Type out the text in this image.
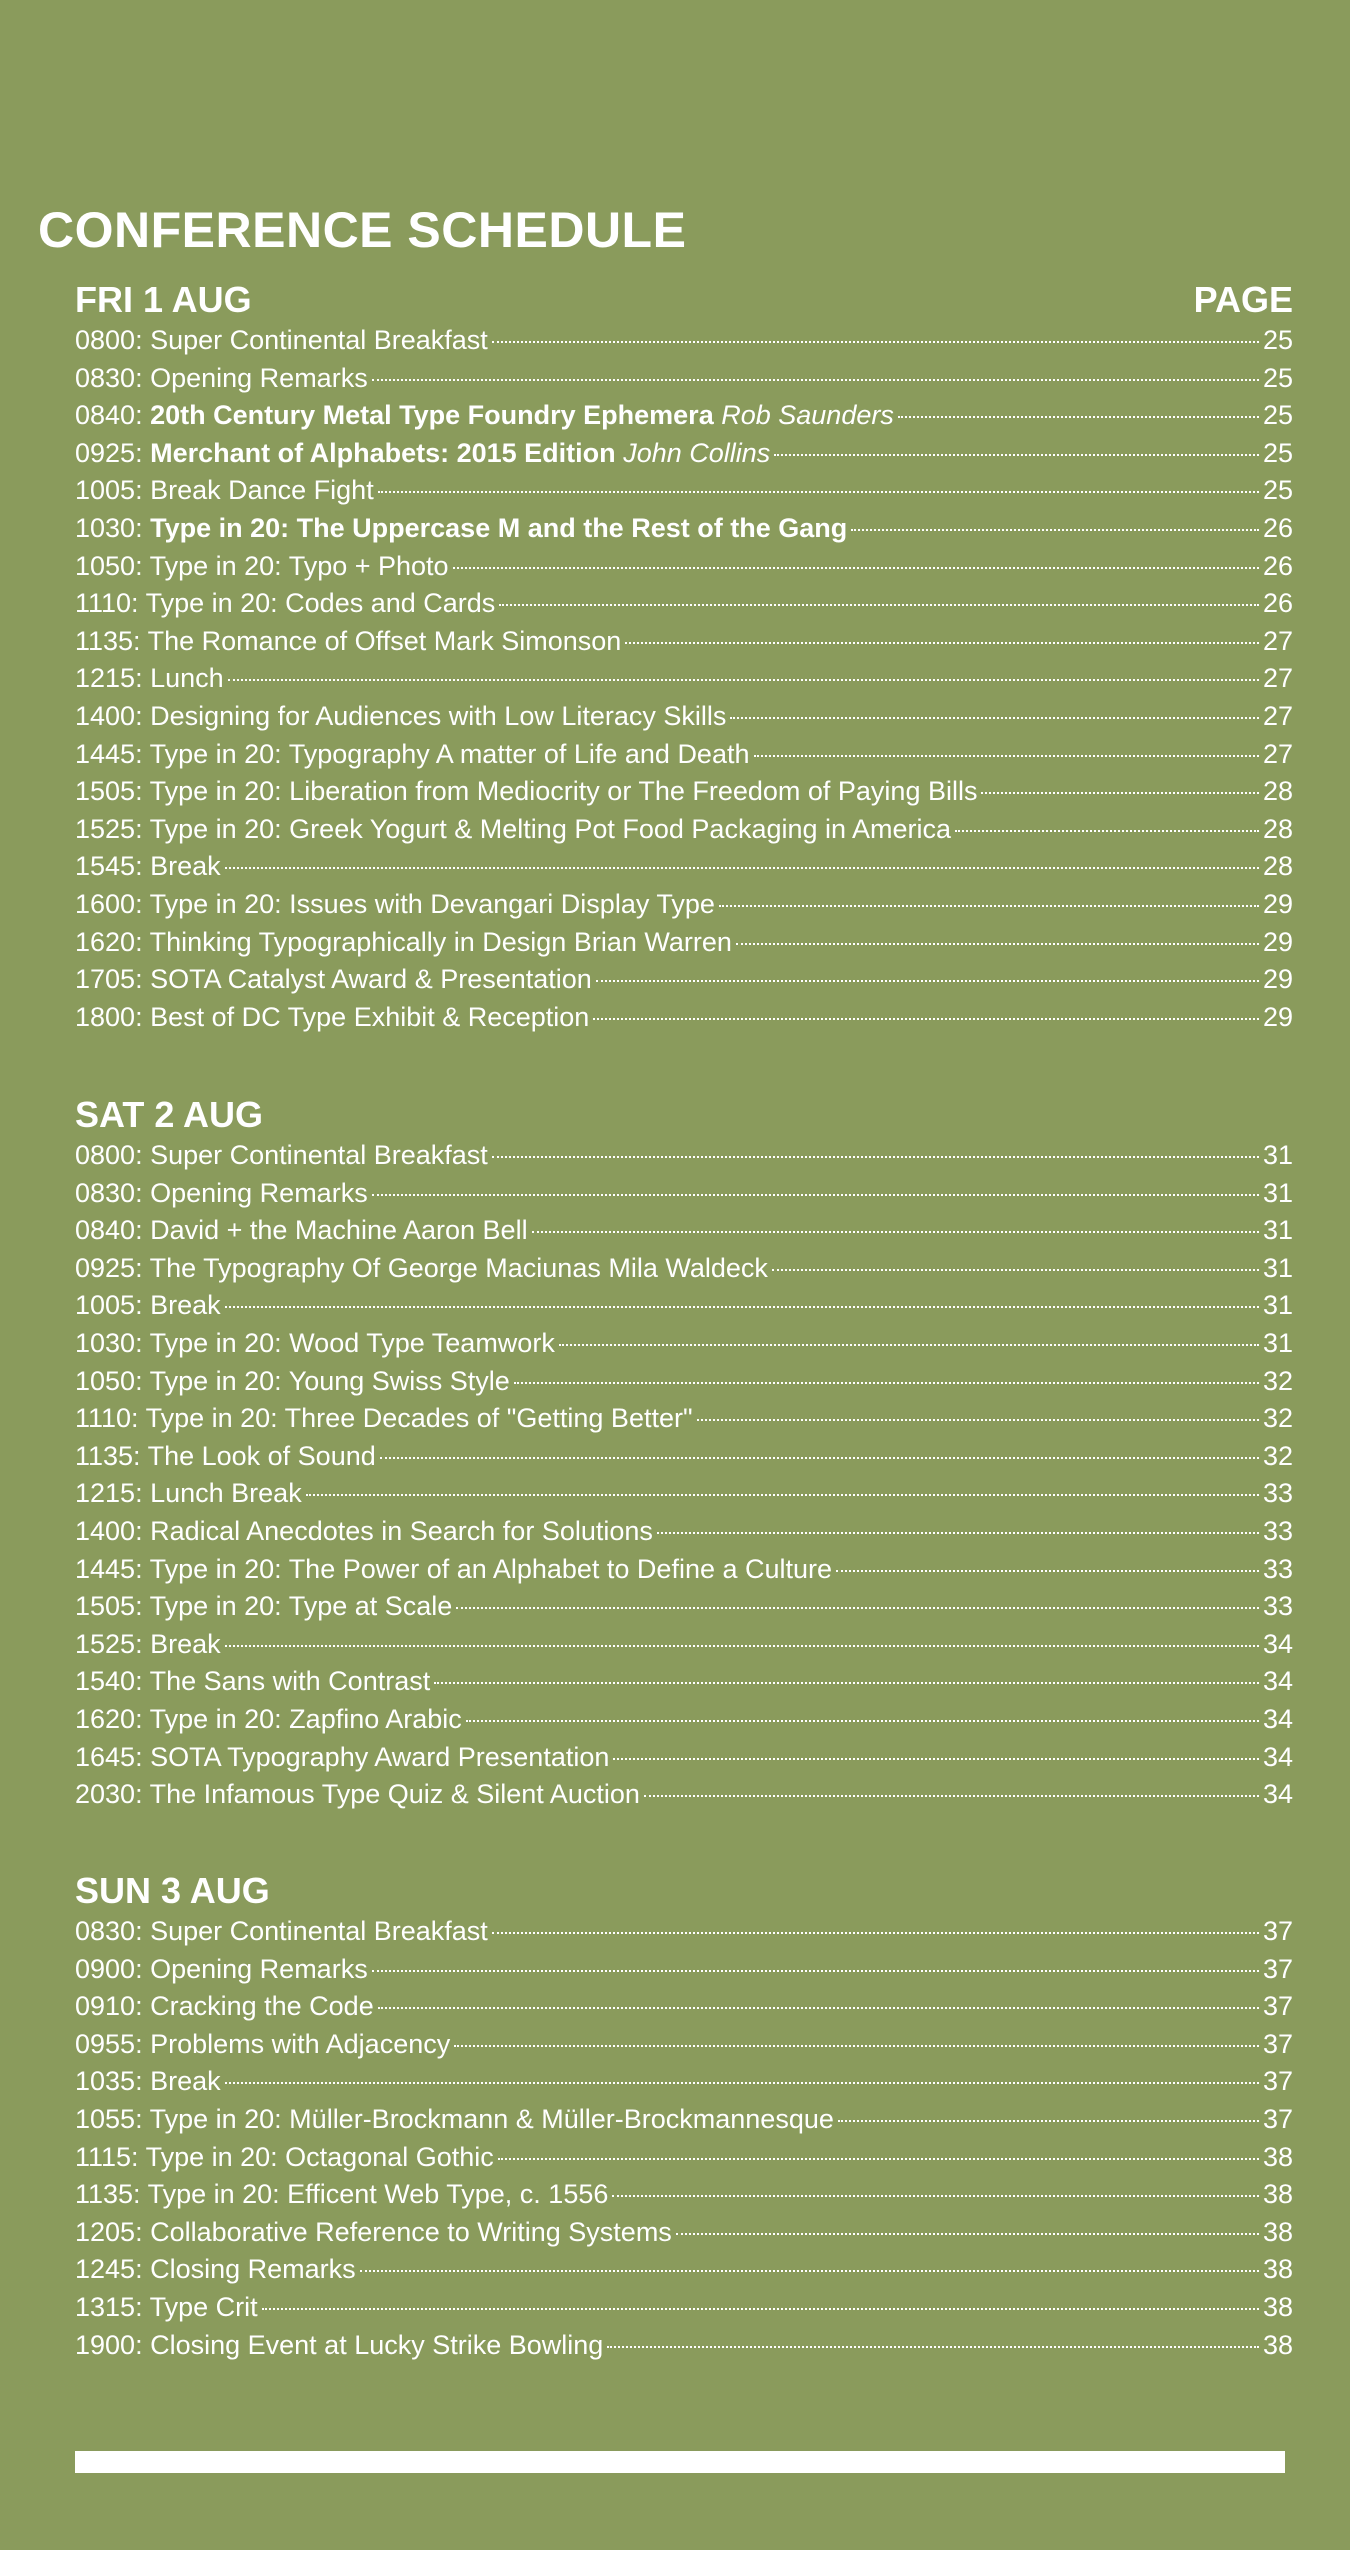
CONFERENCE SCHEDULE
FRI 1 AUG	PAGE
0800: Super Continental Breakfast	25
0830: Opening Remarks	25
0840: 20th Century Metal Type Foundry Ephemera Rob Saunders	25
0925: Merchant of Alphabets: 2015 Edition John Collins	25
1005: Break Dance Fight	25
1030: Type in 20: The Uppercase M and the Rest of the Gang	26
1050: Type in 20: Typo + Photo	26
1110: Type in 20: Codes and Cards	26
1135: The Romance of Offset Mark Simonson	27
1215: Lunch	27
1400: Designing for Audiences with Low Literacy Skills	27
1445: Type in 20: Typography A matter of Life and Death	27
1505: Type in 20: Liberation from Mediocrity or The Freedom of Paying Bills	28
1525: Type in 20: Greek Yogurt & Melting Pot Food Packaging in America	28
1545: Break	28
1600: Type in 20: Issues with Devangari Display Type	29
1620: Thinking Typographically in Design Brian Warren	29
1705: SOTA Catalyst Award & Presentation	29
1800: Best of DC Type Exhibit & Reception	29
SAT 2 AUG
0800: Super Continental Breakfast	31
0830: Opening Remarks	31
0840: David + the Machine Aaron Bell	31
0925: The Typography Of George Maciunas Mila Waldeck	31
1005: Break	31
1030: Type in 20: Wood Type Teamwork	31
1050: Type in 20: Young Swiss Style	32
1110: Type in 20: Three Decades of "Getting Better"	32
1135: The Look of Sound	32
1215: Lunch Break	33
1400: Radical Anecdotes in Search for Solutions	33
1445: Type in 20: The Power of an Alphabet to Define a Culture	33
1505: Type in 20: Type at Scale	33
1525: Break	34
1540: The Sans with Contrast	34
1620: Type in 20: Zapfino Arabic	34
1645: SOTA Typography Award Presentation	34
2030: The Infamous Type Quiz & Silent Auction	34
SUN 3 AUG
0830: Super Continental Breakfast	37
0900: Opening Remarks	37
0910: Cracking the Code	37
0955: Problems with Adjacency	37
1035: Break	37
1055: Type in 20: Müller-Brockmann & Müller-Brockmannesque	37
1115: Type in 20: Octagonal Gothic	38
1135: Type in 20: Efficent Web Type, c. 1556	38
1205: Collaborative Reference to Writing Systems	38
1245: Closing Remarks	38
1315: Type Crit	38
1900: Closing Event at Lucky Strike Bowling	38
